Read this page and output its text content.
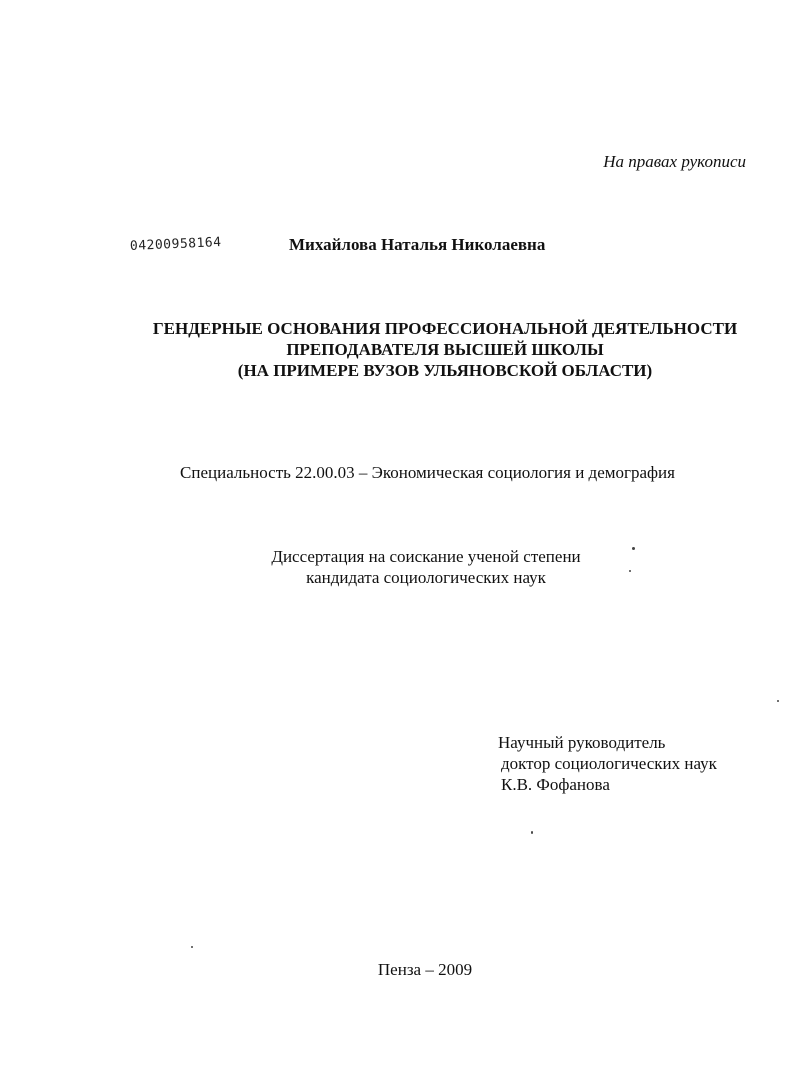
На правах рукописи
04200958164	Михайлова Наталья Николаевна
ГЕНДЕРНЫЕ ОСНОВАНИЯ ПРОФЕССИОНАЛЬНОЙ ДЕЯТЕЛЬНОСТИ
ПРЕПОДАВАТЕЛЯ ВЫСШЕЙ ШКОЛЫ
(НА ПРИМЕРЕ ВУЗОВ УЛЬЯНОВСКОЙ ОБЛАСТИ)
Специальность 22.00.03 – Экономическая социология и демография
Диссертация на соискание ученой степени
кандидата социологических наук
Научный руководитель
доктор социологических наук
К.В. Фофанова
Пенза – 2009
